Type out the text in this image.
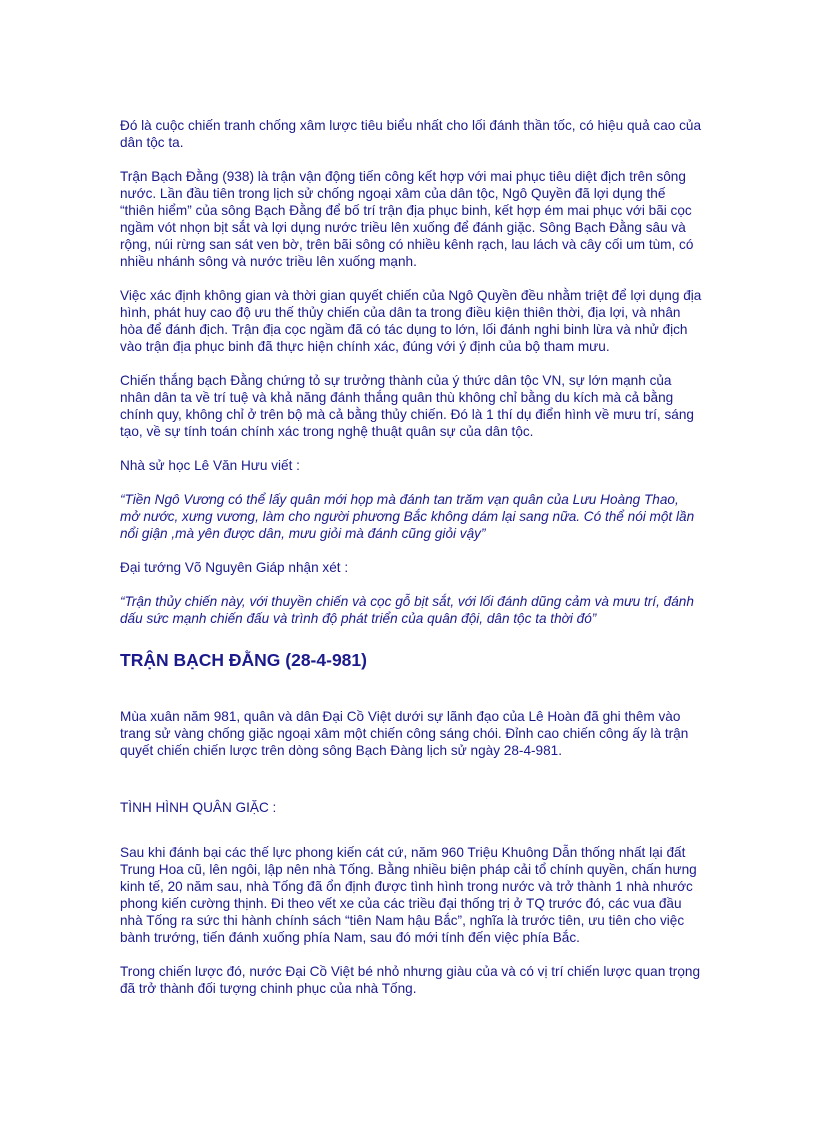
Đó là cuộc chiến tranh chống xâm lược tiêu biểu nhất cho lối đánh thần tốc, có hiệu quả cao của dân tộc ta.

Trận Bạch Đằng (938) là trận vận động tiến công kết hợp với mai phục tiêu diệt địch trên sông nước. Lần đầu tiên trong lịch sử chống ngoại xâm của dân tộc, Ngô Quyền đã lợi dụng thế “thiên hiểm” của sông Bạch Đằng để bố trí trận địa phục binh, kết hợp ém mai phục với bãi cọc ngầm vót nhọn bịt sắt và lợi dụng nước triều lên xuống để đánh giặc. Sông Bạch Đằng sâu và rộng, núi rừng san sát ven bờ, trên bãi sông có nhiều kênh rạch, lau lách và cây cối um tùm, có nhiều nhánh sông và nước triều lên xuống mạnh.

Việc xác định không gian và thời gian quyết chiến của Ngô Quyền đều nhằm triệt để lợi dụng địa hình, phát huy cao độ ưu thế thủy chiến của dân ta trong điều kiện thiên thời, địa lợi, và nhân hòa để đánh địch. Trận địa cọc ngầm đã có tác dụng to lớn, lối đánh nghi binh lừa và nhử địch vào trận địa phục binh đã thực hiện chính xác, đúng với ý định của bộ tham mưu.

Chiến thắng bạch Đằng chứng tỏ sự trưởng thành của ý thức dân tộc VN, sự lớn mạnh của nhân dân ta về trí tuệ và khả năng đánh thắng quân thù không chỉ bằng du kích mà cả bằng chính quy, không chỉ ở trên bộ mà cả bằng thủy chiến. Đó là 1 thí dụ điển hình về mưu trí, sáng tạo, về sự tính toán chính xác trong nghệ thuật quân sự của dân tộc.

Nhà sử học Lê Văn Hưu viết :

“Tiền Ngô Vương có thể lấy quân mới họp mà đánh tan trăm vạn quân của Lưu Hoàng Thao, mở nước, xưng vương, làm cho người phương Bắc không dám lại sang nữa. Có thể nói một lần nổi giận ,mà yên được dân, mưu giỏi mà đánh cũng giỏi vậy”

Đại tướng Võ Nguyên Giáp nhận xét :

“Trận thủy chiến này, với thuyền chiến và cọc gỗ bịt sắt, với lối đánh dũng cảm và mưu trí, đánh dấu sức mạnh chiến đấu và trình độ phát triển của quân đội, dân tộc ta thời đó”

TRẬN BẠCH ĐẰNG (28-4-981)

Mùa xuân năm 981, quân và dân Đại Cồ Việt dưới sự lãnh đạo của Lê Hoàn đã ghi thêm vào trang sử vàng chống giặc ngoại xâm một chiến công sáng chói. Đỉnh cao chiến công ấy là trận quyết chiến chiến lược trên dòng sông Bạch Đàng lịch sử ngày 28-4-981.

TÌNH HÌNH QUÂN GIẶC :

Sau khi đánh bại các thế lực phong kiến cát cứ, năm 960 Triệu Khuông Dẫn thống nhất lại đất Trung Hoa cũ, lên ngôi, lập nên nhà Tống. Bằng nhiều biện pháp cải tổ chính quyền, chấn hưng kinh tế, 20 năm sau, nhà Tống đã ổn định được tình hình trong nước và trở thành 1 nhà nhước phong kiến cường thịnh. Đi theo vết xe của các triều đại thống trị ở TQ trước đó, các vua đầu nhà Tống ra sức thi hành chính sách “tiên Nam hậu Bắc”, nghĩa là trước tiên, ưu tiên cho việc bành trướng, tiến đánh xuống phía Nam, sau đó mới tính đến việc phía Bắc.

Trong chiến lược đó, nước Đại Cồ Việt bé nhỏ nhưng giàu của và có vị trí chiến lược quan trọng đã trở thành đối tượng chinh phục của nhà Tống.
